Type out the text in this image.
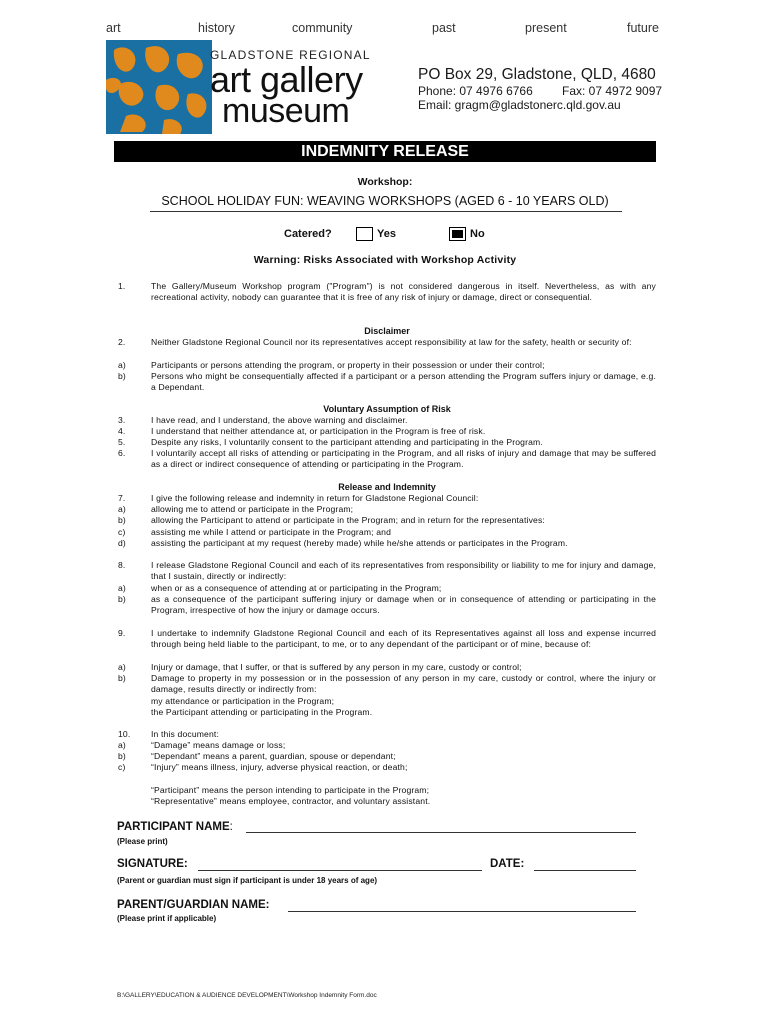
art	history	community	past	present	future
GLADSTONE REGIONAL
art gallery
museum
PO Box 29, Gladstone, QLD, 4680
Phone: 07 4976 6766 Fax: 07 4972 9097
Email: gragm@gladstonerc.qld.gov.au
INDEMNITY RELEASE
Workshop:
SCHOOL HOLIDAY FUN: WEAVING WORKSHOPS (AGED 6 - 10 YEARS OLD)
Catered?	Yes	No
Warning: Risks Associated with Workshop Activity
1.	The Gallery/Museum Workshop program ("Program") is not considered dangerous in itself. Nevertheless, as with any recreational activity, nobody can guarantee that it is free of any risk of injury or damage, direct or consequential.
Disclaimer
2.	Neither Gladstone Regional Council nor its representatives accept responsibility at law for the safety, health or security of:
a)	Participants or persons attending the program, or property in their possession or under their control;
b)	Persons who might be consequentially affected if a participant or a person attending the Program suffers injury or damage, e.g. a Dependant.
Voluntary Assumption of Risk
3.	I have read, and I understand, the above warning and disclaimer.
4.	I understand that neither attendance at, or participation in the Program is free of risk.
5.	Despite any risks, I voluntarily consent to the participant attending and participating in the Program.
6.	I voluntarily accept all risks of attending or participating in the Program, and all risks of injury and damage that may be suffered as a direct or indirect consequence of attending or participating in the Program.
Release and Indemnity
7.	I give the following release and indemnity in return for Gladstone Regional Council:
a)	allowing me to attend or participate in the Program;
b)	allowing the Participant to attend or participate in the Program; and in return for the representatives:
c)	assisting me while I attend or participate in the Program; and
d)	assisting the participant at my request (hereby made) while he/she attends or participates in the Program.
8.	I release Gladstone Regional Council and each of its representatives from responsibility or liability to me for injury and damage, that I sustain, directly or indirectly:
a)	when or as a consequence of attending at or participating in the Program;
b)	as a consequence of the participant suffering injury or damage when or in consequence of attending or participating in the Program, irrespective of how the injury or damage occurs.
9.	I undertake to indemnify Gladstone Regional Council and each of its Representatives against all loss and expense incurred through being held liable to the participant, to me, or to any dependant of the participant or of mine, because of:
a)	Injury or damage, that I suffer, or that is suffered by any person in my care, custody or control;
b)	Damage to property in my possession or in the possession of any person in my care, custody or control, where the injury or damage, results directly or indirectly from:
my attendance or participation in the Program;
the Participant attending or participating in the Program.
10.	In this document:
a)	“Damage” means damage or loss;
b)	“Dependant” means a parent, guardian, spouse or dependant;
c)	“Injury” means illness, injury, adverse physical reaction, or death;
“Participant” means the person intending to participate in the Program;
“Representative” means employee, contractor, and voluntary assistant.
PARTICIPANT NAME:
(Please print)
SIGNATURE:	DATE:
(Parent or guardian must sign if participant is under 18 years of age)
PARENT/GUARDIAN NAME:
(Please print if applicable)
B:\GALLERY\EDUCATION & AUDIENCE DEVELOPMENT\Workshop Indemnity Form.doc
